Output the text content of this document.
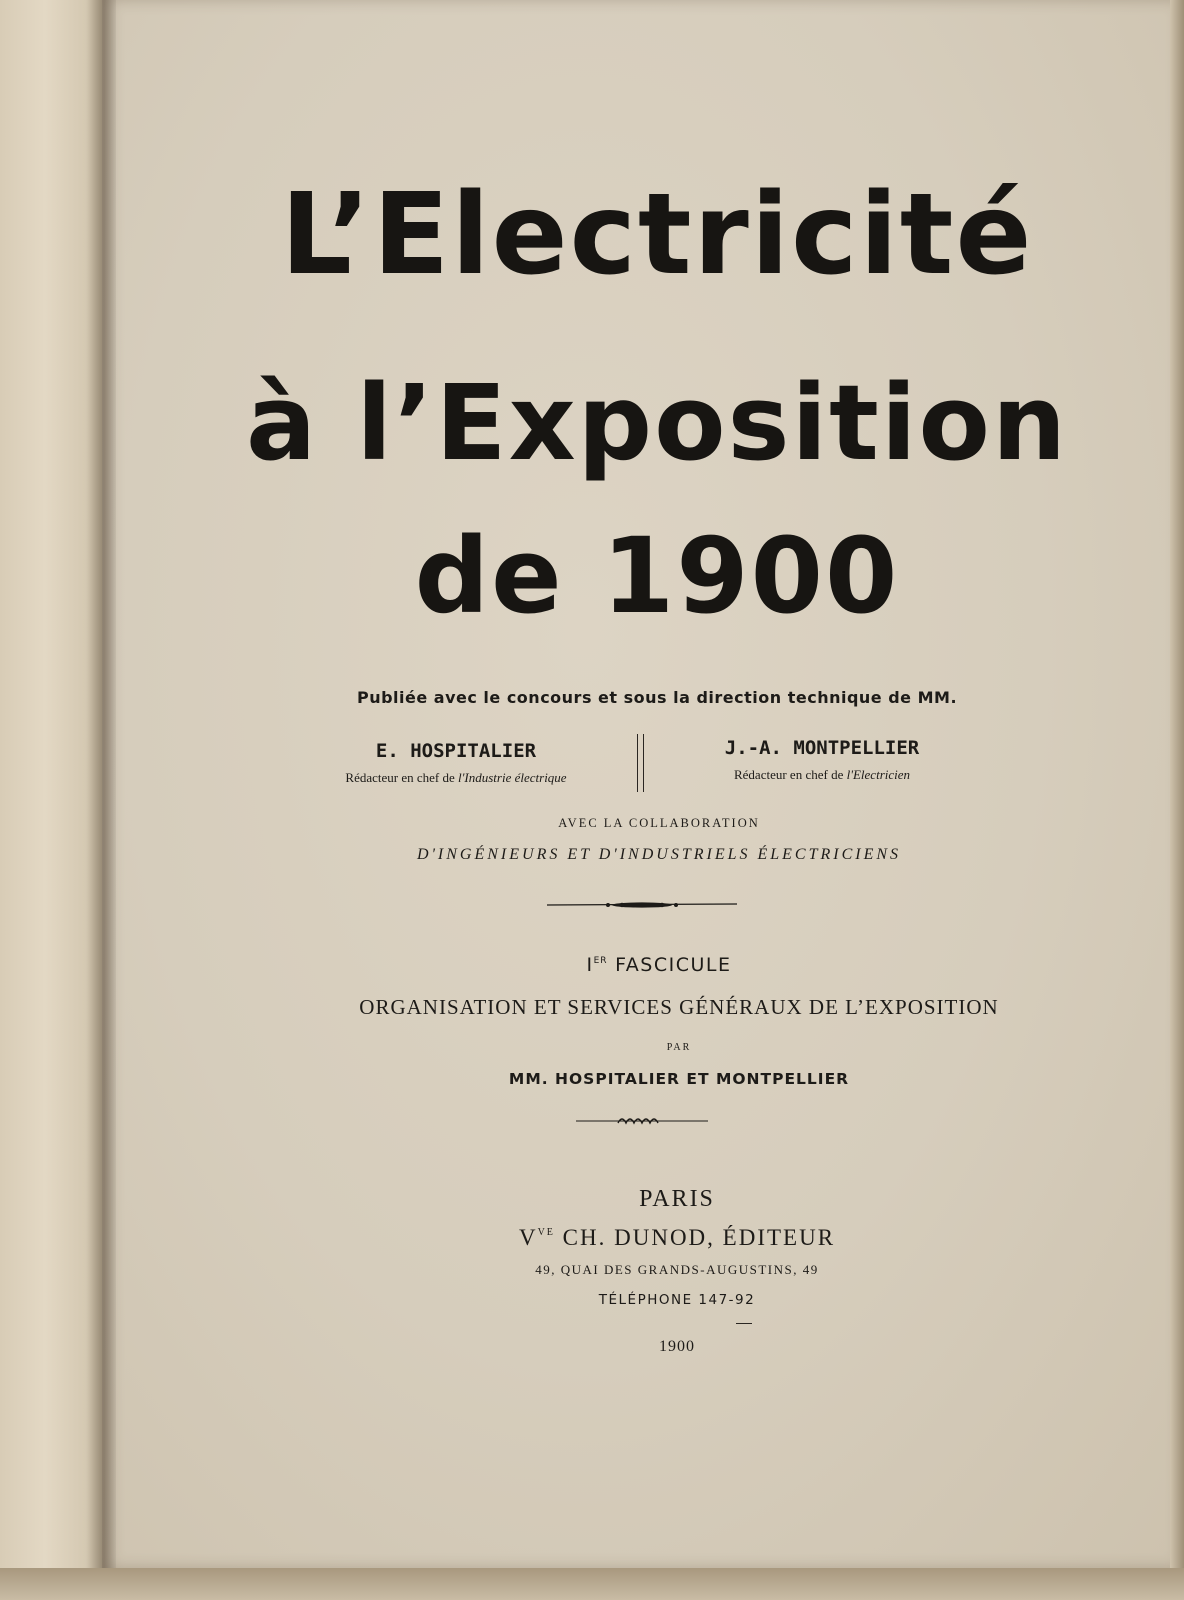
L’Electricité
à l’Exposition
de 1900
Publiée avec le concours et sous la direction technique de MM.
E. HOSPITALIER
Rédacteur en chef de l'Industrie électrique
J.-A. MONTPELLIER
Rédacteur en chef de l'Electricien
AVEC LA COLLABORATION
D'INGÉNIEURS ET D'INDUSTRIELS ÉLECTRICIENS
IER FASCICULE
ORGANISATION ET SERVICES GÉNÉRAUX DE L’EXPOSITION
PAR
MM. HOSPITALIER ET MONTPELLIER
PARIS
$V^{VE}$ CH. DUNOD, ÉDITEUR
49, QUAI DES GRANDS-AUGUSTINS, 49
TÉLÉPHONE 147-92
1900
